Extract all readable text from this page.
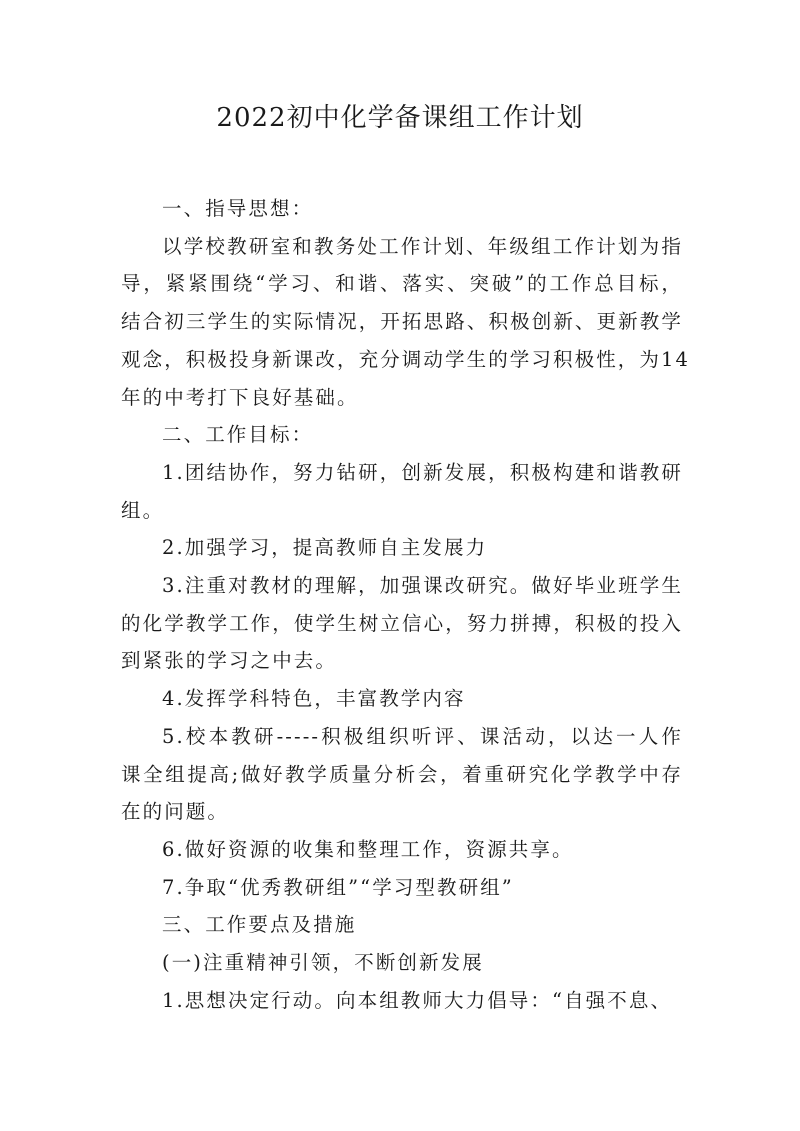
2022初中化学备课组工作计划

一、指导思想：

以学校教研室和教务处工作计划、年级组工作计划为指
导，紧紧围绕“学习、和谐、落实、突破”的工作总目标，
结合初三学生的实际情况，开拓思路、积极创新、更新教学
观念，积极投身新课改，充分调动学生的学习积极性，为14
年的中考打下良好基础。

二、工作目标：

1.团结协作，努力钻研，创新发展，积极构建和谐教研
组。

2.加强学习，提高教师自主发展力

3.注重对教材的理解，加强课改研究。做好毕业班学生
的化学教学工作，使学生树立信心，努力拼搏，积极的投入
到紧张的学习之中去。

4.发挥学科特色，丰富教学内容

5.校本教研-----积极组织听评、课活动，以达一人作
课全组提高;做好教学质量分析会，着重研究化学教学中存
在的问题。

6.做好资源的收集和整理工作，资源共享。

7.争取“优秀教研组”“学习型教研组”

三、工作要点及措施

(一)注重精神引领，不断创新发展

1.思想决定行动。向本组教师大力倡导：“自强不息、
